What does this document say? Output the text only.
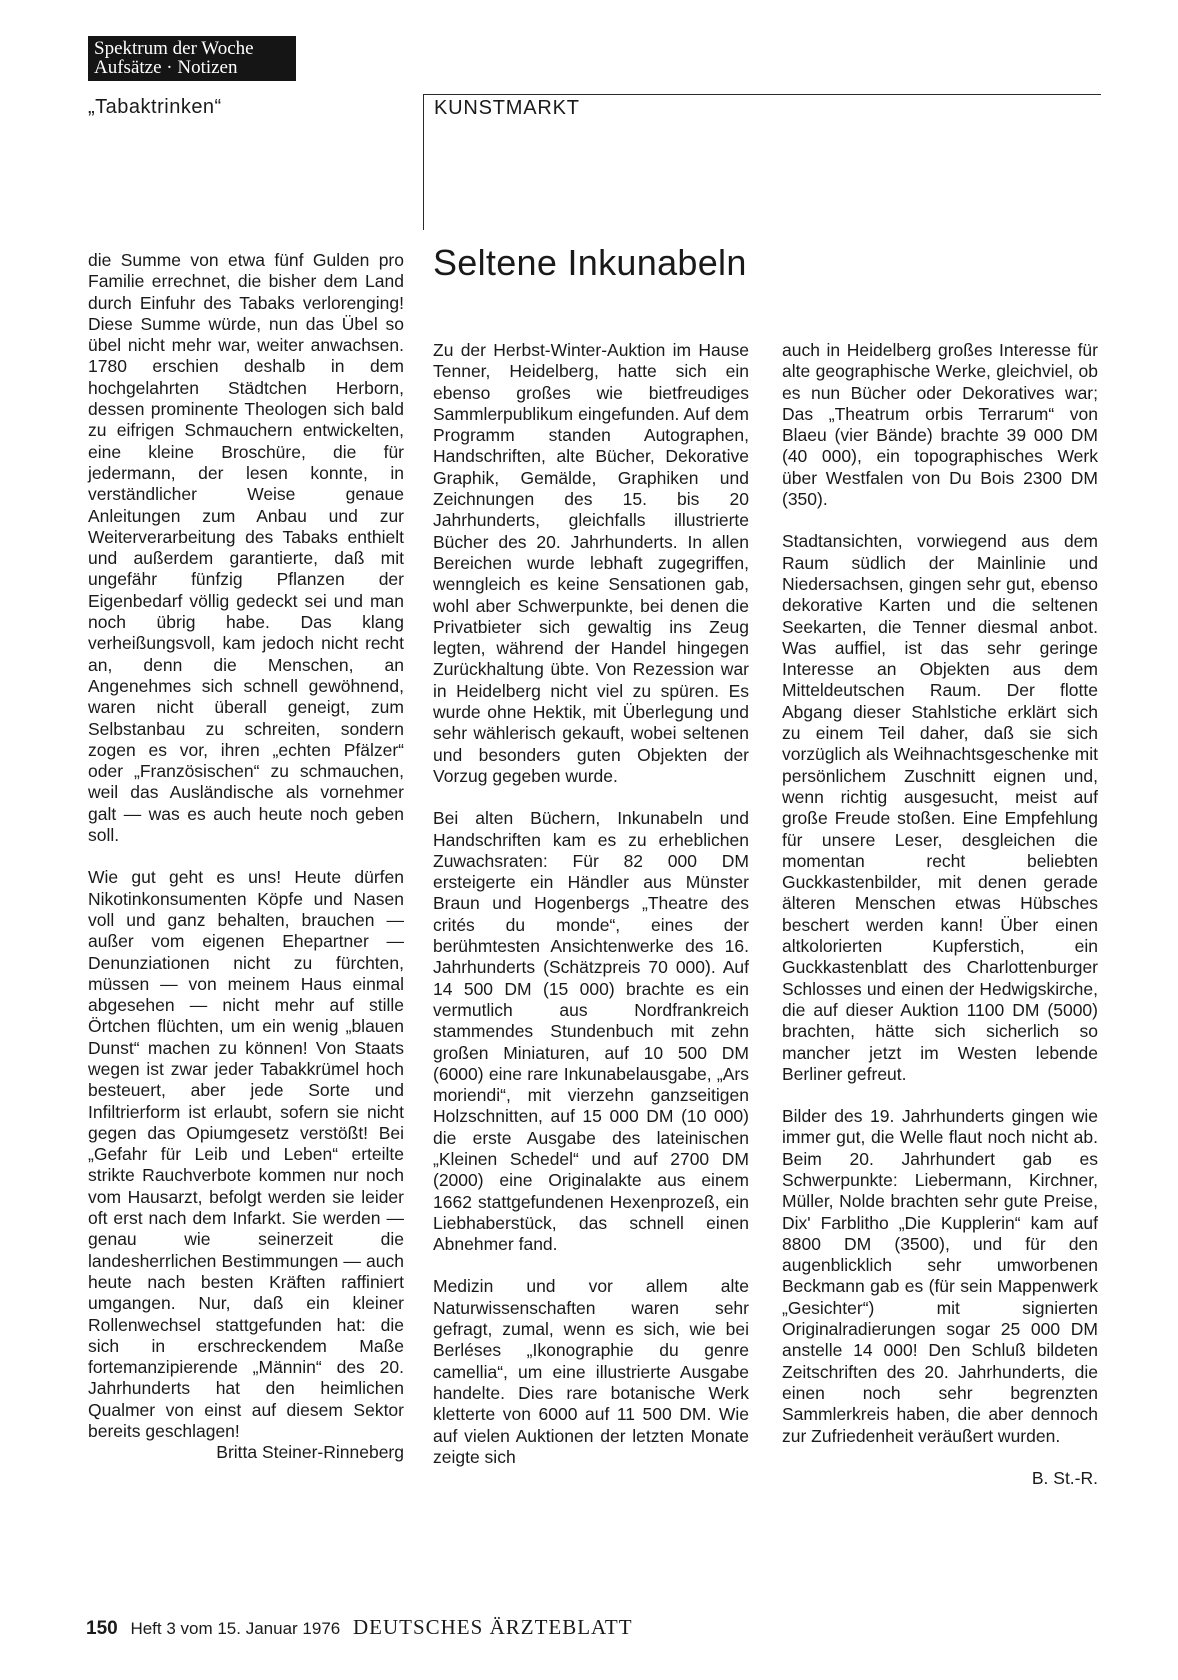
Spektrum der Woche
Aufsätze · Notizen
„Tabaktrinken“	KUNSTMARKT
Seltene Inkunabeln

die Summe von etwa fünf Gulden pro Familie errechnet, die bisher dem Land durch Einfuhr des Tabaks verlorenging! Diese Summe würde, nun das Übel so übel nicht mehr war, weiter anwachsen. 1780 erschien deshalb in dem hochgelahrten Städtchen Herborn, dessen prominente Theologen sich bald zu eifrigen Schmauchern entwickelten, eine kleine Broschüre, die für jedermann, der lesen konnte, in verständlicher Weise genaue Anleitungen zum Anbau und zur Weiterverarbeitung des Tabaks enthielt und außerdem garantierte, daß mit ungefähr fünfzig Pflanzen der Eigenbedarf völlig gedeckt sei und man noch übrig habe. Das klang verheißungsvoll, kam jedoch nicht recht an, denn die Menschen, an Angenehmes sich schnell gewöhnend, waren nicht überall geneigt, zum Selbstanbau zu schreiten, sondern zogen es vor, ihren „echten Pfälzer“ oder „Französischen“ zu schmauchen, weil das Ausländische als vornehmer galt — was es auch heute noch geben soll.

Wie gut geht es uns! Heute dürfen Nikotinkonsumenten Köpfe und Nasen voll und ganz behalten, brauchen — außer vom eigenen Ehepartner — Denunziationen nicht zu fürchten, müssen — von meinem Haus einmal abgesehen — nicht mehr auf stille Örtchen flüchten, um ein wenig „blauen Dunst“ machen zu können! Von Staats wegen ist zwar jeder Tabakkrümel hoch besteuert, aber jede Sorte und Infiltrierform ist erlaubt, sofern sie nicht gegen das Opiumgesetz verstößt! Bei „Gefahr für Leib und Leben“ erteilte strikte Rauchverbote kommen nur noch vom Hausarzt, befolgt werden sie leider oft erst nach dem Infarkt. Sie werden — genau wie seinerzeit die landesherrlichen Bestimmungen — auch heute nach besten Kräften raffiniert umgangen. Nur, daß ein kleiner Rollenwechsel stattgefunden hat: die sich in erschreckendem Maße fortemanzipierende „Männin“ des 20. Jahrhunderts hat den heimlichen Qualmer von einst auf diesem Sektor bereits geschlagen!

Britta Steiner-Rinneberg

Zu der Herbst-Winter-Auktion im Hause Tenner, Heidelberg, hatte sich ein ebenso großes wie bietfreudiges Sammlerpublikum eingefunden. Auf dem Programm standen Autographen, Handschriften, alte Bücher, Dekorative Graphik, Gemälde, Graphiken und Zeichnungen des 15. bis 20 Jahrhunderts, gleichfalls illustrierte Bücher des 20. Jahrhunderts. In allen Bereichen wurde lebhaft zugegriffen, wenngleich es keine Sensationen gab, wohl aber Schwerpunkte, bei denen die Privatbieter sich gewaltig ins Zeug legten, während der Handel hingegen Zurückhaltung übte. Von Rezession war in Heidelberg nicht viel zu spüren. Es wurde ohne Hektik, mit Überlegung und sehr wählerisch gekauft, wobei seltenen und besonders guten Objekten der Vorzug gegeben wurde.

Bei alten Büchern, Inkunabeln und Handschriften kam es zu erheblichen Zuwachsraten: Für 82 000 DM ersteigerte ein Händler aus Münster Braun und Hogenbergs „Theatre des crités du monde“, eines der berühmtesten Ansichtenwerke des 16. Jahrhunderts (Schätzpreis 70 000). Auf 14 500 DM (15 000) brachte es ein vermutlich aus Nordfrankreich stammendes Stundenbuch mit zehn großen Miniaturen, auf 10 500 DM (6000) eine rare Inkunabelausgabe, „Ars moriendi“, mit vierzehn ganzseitigen Holzschnitten, auf 15 000 DM (10 000) die erste Ausgabe des lateinischen „Kleinen Schedel“ und auf 2700 DM (2000) eine Originalakte aus einem 1662 stattgefundenen Hexenprozeß, ein Liebhaberstück, das schnell einen Abnehmer fand.

Medizin und vor allem alte Naturwissenschaften waren sehr gefragt, zumal, wenn es sich, wie bei Berléses „Ikonographie du genre camellia“, um eine illustrierte Ausgabe handelte. Dies rare botanische Werk kletterte von 6000 auf 11 500 DM. Wie auf vielen Auktionen der letzten Monate zeigte sich

auch in Heidelberg großes Interesse für alte geographische Werke, gleichviel, ob es nun Bücher oder Dekoratives war; Das „Theatrum orbis Terrarum“ von Blaeu (vier Bände) brachte 39 000 DM (40 000), ein topographisches Werk über Westfalen von Du Bois 2300 DM (350).

Stadtansichten, vorwiegend aus dem Raum südlich der Mainlinie und Niedersachsen, gingen sehr gut, ebenso dekorative Karten und die seltenen Seekarten, die Tenner diesmal anbot. Was auffiel, ist das sehr geringe Interesse an Objekten aus dem Mitteldeutschen Raum. Der flotte Abgang dieser Stahlstiche erklärt sich zu einem Teil daher, daß sie sich vorzüglich als Weihnachtsgeschenke mit persönlichem Zuschnitt eignen und, wenn richtig ausgesucht, meist auf große Freude stoßen. Eine Empfehlung für unsere Leser, desgleichen die momentan recht beliebten Guckkastenbilder, mit denen gerade älteren Menschen etwas Hübsches beschert werden kann! Über einen altkolorierten Kupferstich, ein Guckkastenblatt des Charlottenburger Schlosses und einen der Hedwigskirche, die auf dieser Auktion 1100 DM (5000) brachten, hätte sich sicherlich so mancher jetzt im Westen lebende Berliner gefreut.

Bilder des 19. Jahrhunderts gingen wie immer gut, die Welle flaut noch nicht ab. Beim 20. Jahrhundert gab es Schwerpunkte: Liebermann, Kirchner, Müller, Nolde brachten sehr gute Preise, Dix' Farblitho „Die Kupplerin“ kam auf 8800 DM (3500), und für den augenblicklich sehr umworbenen Beckmann gab es (für sein Mappenwerk „Gesichter“) mit signierten Originalradierungen sogar 25 000 DM anstelle 14 000! Den Schluß bildeten Zeitschriften des 20. Jahrhunderts, die einen noch sehr begrenzten Sammlerkreis haben, die aber dennoch zur Zufriedenheit veräußert wurden.

B. St.-R.
150 Heft 3 vom 15. Januar 1976 DEUTSCHES ÄRZTEBLATT
